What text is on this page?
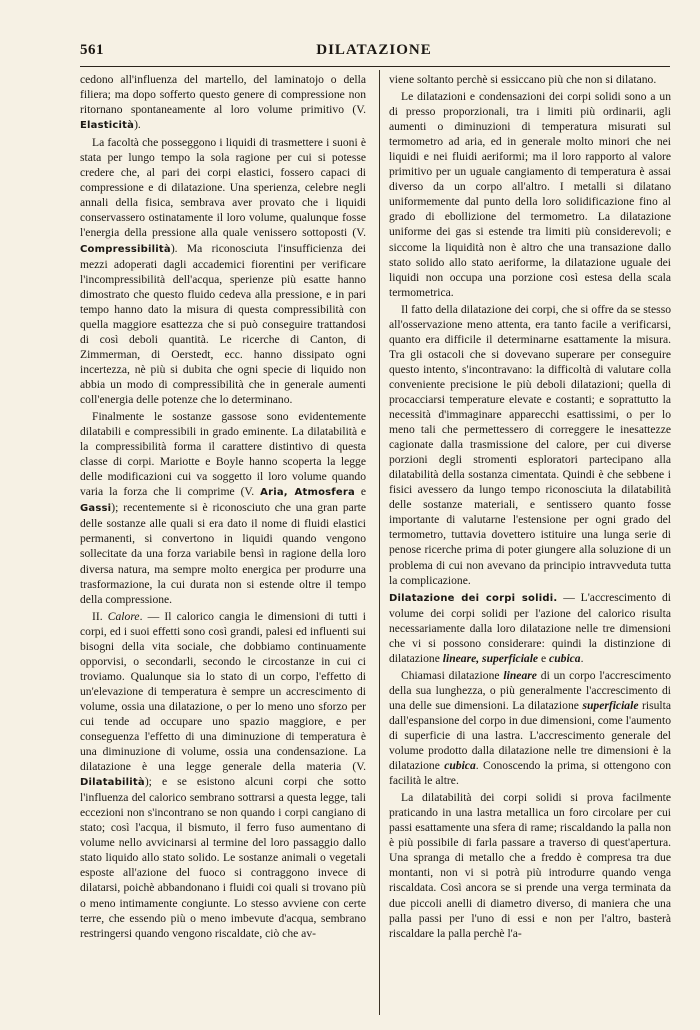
561	DILATAZIONE

cedono all'influenza del martello, del laminatojo o della filiera; ma dopo sofferto questo genere di compressione non ritornano spontaneamente al loro volume primitivo (V. Elasticità).

La facoltà che posseggono i liquidi di trasmettere i suoni è stata per lungo tempo la sola ragione per cui si potesse credere che, al pari dei corpi elastici, fossero capaci di compressione e di dilatazione. Una sperienza, celebre negli annali della fisica, sembrava aver provato che i liquidi conservassero ostinatamente il loro volume, qualunque fosse l'energia della pressione alla quale venissero sottoposti (V. Compressibilità). Ma riconosciuta l'insufficienza dei mezzi adoperati dagli accademici fiorentini per verificare l'incompressibilità dell'acqua, sperienze più esatte hanno dimostrato che questo fluido cedeva alla pressione, e in pari tempo hanno dato la misura di questa compressibilità con quella maggiore esattezza che si può conseguire trattandosi di così deboli quantità. Le ricerche di Canton, di Zimmerman, di Oerstedt, ecc. hanno dissipato ogni incertezza, nè più si dubita che ogni specie di liquido non abbia un modo di compressibilità che in generale aumenti coll'energia delle potenze che lo determinano.

Finalmente le sostanze gassose sono evidentemente dilatabili e compressibili in grado eminente. La dilatabilità e la compressibilità forma il carattere distintivo di questa classe di corpi. Mariotte e Boyle hanno scoperta la legge delle modificazioni cui va soggetto il loro volume quando varia la forza che li comprime (V. Aria, Atmosfera e Gassi); recentemente si è riconosciuto che una gran parte delle sostanze alle quali si era dato il nome di fluidi elastici permanenti, si convertono in liquidi quando vengono sollecitate da una forza variabile bensì in ragione della loro diversa natura, ma sempre molto energica per produrre una trasformazione, la cui durata non si estende oltre il tempo della compressione.

II. Calore. — Il calorico cangia le dimensioni di tutti i corpi, ed i suoi effetti sono così grandi, palesi ed influenti sui bisogni della vita sociale, che dobbiamo continuamente opporvisi, o secondarli, secondo le circostanze in cui ci troviamo. Qualunque sia lo stato di un corpo, l'effetto di un'elevazione di temperatura è sempre un accrescimento di volume, ossia una dilatazione, o per lo meno uno sforzo per cui tende ad occupare uno spazio maggiore, e per conseguenza l'effetto di una diminuzione di temperatura è una diminuzione di volume, ossia una condensazione. La dilatazione è una legge generale della materia (V. Dilatabilità); e se esistono alcuni corpi che sotto l'influenza del calorico sembrano sottrarsi a questa legge, tali eccezioni non s'incontrano se non quando i corpi cangiano di stato; così l'acqua, il bismuto, il ferro fuso aumentano di volume nello avvicinarsi al termine del loro passaggio dallo stato liquido allo stato solido. Le sostanze animali o vegetali esposte all'azione del fuoco si contraggono invece di dilatarsi, poichè abbandonano i fluidi coi quali si trovano più o meno intimamente congiunte. Lo stesso avviene con certe terre, che essendo più o meno imbevute d'acqua, sembrano restringersi quando vengono riscaldate, ciò che av-

viene soltanto perchè si essiccano più che non si dilatano.

Le dilatazioni e condensazioni dei corpi solidi sono a un di presso proporzionali, tra i limiti più ordinarii, agli aumenti o diminuzioni di temperatura misurati sul termometro ad aria, ed in generale molto minori che nei liquidi e nei fluidi aeriformi; ma il loro rapporto al valore primitivo per un uguale cangiamento di temperatura è assai diverso da un corpo all'altro. I metalli si dilatano uniformemente dal punto della loro solidificazione fino al grado di ebollizione del termometro. La dilatazione uniforme dei gas si estende tra limiti più considerevoli; e siccome la liquidità non è altro che una transazione dallo stato solido allo stato aeriforme, la dilatazione uguale dei liquidi non occupa una porzione così estesa della scala termometrica.

Il fatto della dilatazione dei corpi, che si offre da se stesso all'osservazione meno attenta, era tanto facile a verificarsi, quanto era difficile il determinarne esattamente la misura. Tra gli ostacoli che si dovevano superare per conseguire questo intento, s'incontravano: la difficoltà di valutare colla conveniente precisione le più deboli dilatazioni; quella di procacciarsi temperature elevate e costanti; e soprattutto la necessità d'immaginare apparecchi esattissimi, o per lo meno tali che permettessero di correggere le inesattezze cagionate dalla trasmissione del calore, per cui diverse porzioni degli stromenti esploratori partecipano alla dilatabilità della sostanza cimentata. Quindi è che sebbene i fisici avessero da lungo tempo riconosciuta la dilatabilità delle sostanze materiali, e sentissero quanto fosse importante di valutarne l'estensione per ogni grado del termometro, tuttavia dovettero istituire una lunga serie di penose ricerche prima di poter giungere alla soluzione di un problema di cui non avevano da principio intravveduta tutta la complicazione.

Dilatazione dei corpi solidi. — L'accrescimento di volume dei corpi solidi per l'azione del calorico risulta necessariamente dalla loro dilatazione nelle tre dimensioni che vi si possono considerare: quindi la distinzione di dilatazione lineare, superficiale e cubica.

Chiamasi dilatazione lineare di un corpo l'accrescimento della sua lunghezza, o più generalmente l'accrescimento di una delle sue dimensioni. La dilatazione superficiale risulta dall'espansione del corpo in due dimensioni, come l'aumento di superficie di una lastra. L'accrescimento generale del volume prodotto dalla dilatazione nelle tre dimensioni è la dilatazione cubica. Conoscendo la prima, si ottengono con facilità le altre.

La dilatabilità dei corpi solidi si prova facilmente praticando in una lastra metallica un foro circolare per cui passi esattamente una sfera di rame; riscaldando la palla non è più possibile di farla passare a traverso di quest'apertura. Una spranga di metallo che a freddo è compresa tra due montanti, non vi si potrà più introdurre quando venga riscaldata. Così ancora se si prende una verga terminata da due piccoli anelli di diametro diverso, di maniera che una palla passi per l'uno di essi e non per l'altro, basterà riscaldare la palla perchè l'a-
